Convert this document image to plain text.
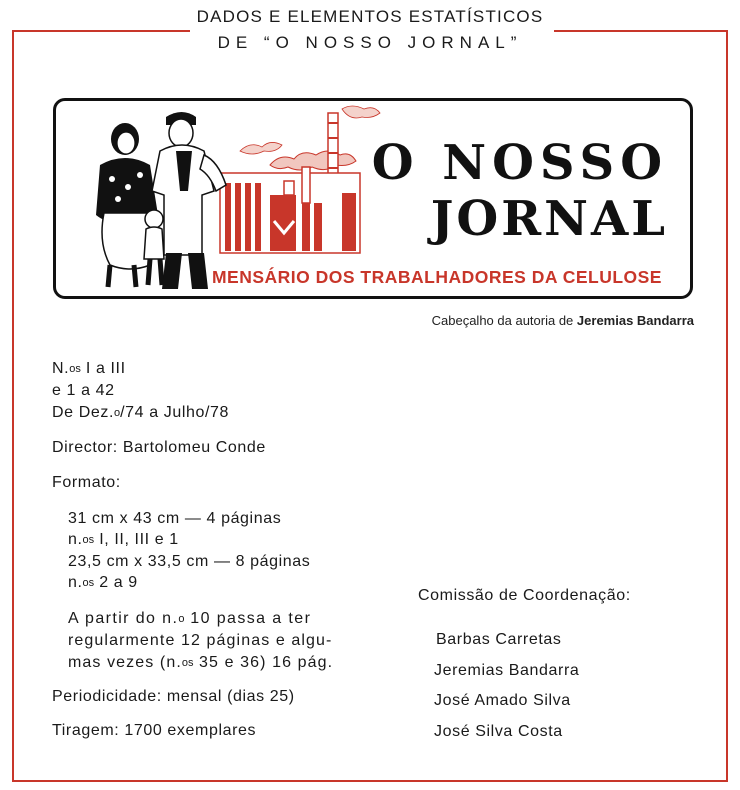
DADOS E ELEMENTOS ESTATÍSTICOS
DE “O NOSSO JORNAL”
O NOSSO
JORNAL
MENSÁRIO DOS TRABALHADORES DA CELULOSE
Cabeçalho da autoria de Jeremias Bandarra
N.os I a III
e 1 a 42
De Dez.o/74 a Julho/78
Director: Bartolomeu Conde
Formato:
31 cm x 43 cm — 4 páginas
n.os I, II, III e 1
23,5 cm x 33,5 cm — 8 páginas
n.os 2 a 9
A partir do n.o 10 passa a ter
regularmente 12 páginas e algu-
mas vezes (n.os 35 e 36) 16 pág.
Periodicidade: mensal (dias 25)
Tiragem: 1700 exemplares
Comissão de Coordenação:
Barbas Carretas
Jeremias Bandarra
José Amado Silva
José Silva Costa
